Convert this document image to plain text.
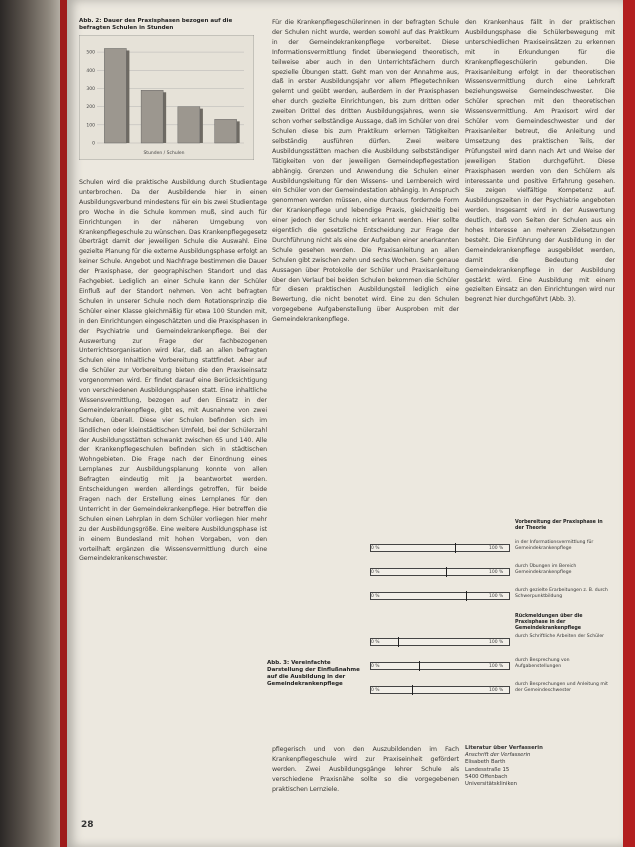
Abb. 2: Dauer des Praxisphasen bezogen auf die befragten Schulen in Stunden
0
100
200
300
400
500
Stunden / Schulen

Schulen wird die praktische Ausbildung durch Studientage unterbrochen. Da der Ausbildende hier in einen Ausbildungsverbund mindestens für ein bis zwei Studientage pro Woche in die Schule kommen muß, sind auch für Einrichtungen in der näheren Umgebung von Krankenpflegeschule zu wünschen. Das Krankenpflegegesetz überträgt damit der jeweiligen Schule die Auswahl. Eine gezielte Planung für die externe Ausbildungsphase erfolgt an keiner Schule. Angebot und Nachfrage bestimmen die Dauer der Praxisphase, der geographischen Standort und das Fachgebiet. Lediglich an einer Schule kann der Schüler Einfluß auf der Standort nehmen. Von acht befragten Schulen in unserer Schule noch dem Rotationsprinzip die Schüler einer Klasse gleichmäßig für etwa 100 Stunden mit, in den Einrichtungen eingeschätzten und die Praxisphasen in der Psychiatrie und Gemeindekrankenpflege. Bei der Auswertung zur Frage der fachbezogenen Unterrichtsorganisation wird klar, daß an allen befragten Schulen eine Inhaltliche Vorbereitung stattfindet. Aber auf die Schüler zur Vorbereitung bieten die den Praxiseinsatz vorgenommen wird. Er findet darauf eine Berücksichtigung von verschiedenen Ausbildungsphasen statt. Eine inhaltliche Wissensvermittlung, bezogen auf den Einsatz in der Gemeindekrankenpflege, gibt es, mit Ausnahme von zwei Schulen, überall. Diese vier Schulen befinden sich im ländlichen oder kleinstädtischen Umfeld, bei der Schülerzahl der Ausbildungsstätten schwankt zwischen 65 und 140. Alle der Krankenpflegeschulen befinden sich in städtischen Wohngebieten. Die Frage nach der Einordnung eines Lernplanes zur Ausbildungsplanung konnte von allen Befragten eindeutig mit Ja beantwortet werden. Entscheidungen werden allerdings getroffen, für beide Fragen nach der Erstellung eines Lernplanes für den Unterricht in der Gemeindekrankenpflege. Hier betreffen die Schulen einen Lehrplan in dem Schüler vorliegen hier mehr zu der Ausbildungsgröße. Eine weitere Ausbildungsphase ist in einem Bundesland mit hohen Vorgaben, von den vorteilhaft ergänzen die Wissensvermittlung durch eine Gemeindekrankenschwester.

Für die Krankenpflegeschülerinnen in der befragten Schule der Schulen nicht wurde, werden sowohl auf das Praktikum in der Gemeindekrankenpflege vorbereitet. Diese Informationsvermittlung findet überwiegend theoretisch, teilweise aber auch in den Unterrichtsfächern durch spezielle Übungen statt. Geht man von der Annahme aus, daß in erster Ausbildungsjahr vor allem Pflegetechniken gelernt und geübt werden, außerdem in der Praxisphasen eher durch gezielte Einrichtungen, bis zum dritten oder zweiten Drittel des dritten Ausbildungsjahres, wenn sie schon vorher selbständige Aussage, daß im Schüler von drei Schulen diese bis zum Praktikum erlernen Tätigkeiten selbständig ausführen dürfen. Zwei weitere Ausbildungsstätten machen die Ausbildung selbstständiger Tätigkeiten von der jeweiligen Gemeindepflegestation abhängig. Grenzen und Anwendung die Schulen einer Ausbildungsleitung für den Wissens- und Lernbereich wird ein Schüler von der Gemeindestation abhängig. In Anspruch genommen werden müssen, eine durchaus fordernde Form der Krankenpflege und lebendige Praxis, gleichzeitig bei einer jedoch der Schule nicht erkannt werden. Hier sollte eigentlich die gesetzliche Entscheidung zur Frage der Durchführung nicht als eine der Aufgaben einer anerkannten Schule gesehen werden. Die Praxisanleitung an allen Schulen gibt zwischen zehn und sechs Wochen. Sehr genaue Aussagen über Protokolle der Schüler und Praxisanleitung über den Verlauf bei beiden Schulen bekommen die Schüler für diesen praktischen Ausbildungsteil lediglich eine Bewertung, die nicht benotet wird. Eine zu den Schulen vorgegebene Aufgabenstellung über Ausproben mit der Gemeindekrankenpflege.

den Krankenhaus fällt in der praktischen Ausbildungsphase die Schülerbewegung mit unterschiedlichen Praxiseinsätzen zu erkennen mit in Erkundungen für die Krankenpflegeschülerin gebunden. Die Praxisanleitung erfolgt in der theoretischen Wissensvermittlung durch eine Lehrkraft beziehungsweise Gemeindeschwester. Die Schüler sprechen mit den theoretischen Wissensvermittlung. Am Praxisort wird der Schüler vom Gemeindeschwester und der Praxisanleiter betreut, die Anleitung und Umsetzung des praktischen Teils, der Prüfungsteil wird dann nach Art und Weise der jeweiligen Station durchgeführt. Diese Praxisphasen werden von den Schülern als interessante und positive Erfahrung gesehen. Sie zeigen vielfältige Kompetenz auf. Ausbildungszeiten in der Psychiatrie angeboten werden. Insgesamt wird in der Auswertung deutlich, daß von Seiten der Schulen aus ein hohes Interesse an mehreren Zielsetzungen besteht. Die Einführung der Ausbildung in der Gemeindekrankenpflege ausgebildet werden, damit die Bedeutung der Gemeindekrankenpflege in der Ausbildung gestärkt wird. Eine Ausbildung mit einem gezielten Einsatz an den Einrichtungen wird nur begrenzt hier durchgeführt (Abb. 3).

Abb. 3: Vereinfachte Darstellung der Einflußnahme auf die Ausbildung in der Gemeindekrankenpflege
Vorbereitung der Praxisphase in der Theorie
0 %	100 %
in der Informationsvermittlung für Gemeindekrankenpflege
0 %	100 %
durch Übungen im Bereich Gemeindekrankenpflege
0 %	100 %
durch gezielte Erarbeitungen z. B. durch Schwerpunktbildung
Rückmeldungen über die Praxisphase in der Gemeindekrankenpflege
0 %	100 %
durch Schriftliche Arbeiten der Schüler
0 %	100 %
durch Besprechung von Aufgabenstellungen
0 %	100 %
durch Besprechungen und Anleitung mit der Gemeindeschwester

pflegerisch und von den Auszubildenden im Fach Krankenpflegeschule wird zur Praxiseinheit gefördert werden. Zwei Ausbildungsgänge lehrer Schule als verschiedene Praxisnähe sollte so die vorgegebenen praktischen Lernziele.

Literatur über Verfasserin
Anschrift der Verfasserin
Elisabeth Barth
Landesstraße 15
5400 Offenbach
Universitätskliniken
28
